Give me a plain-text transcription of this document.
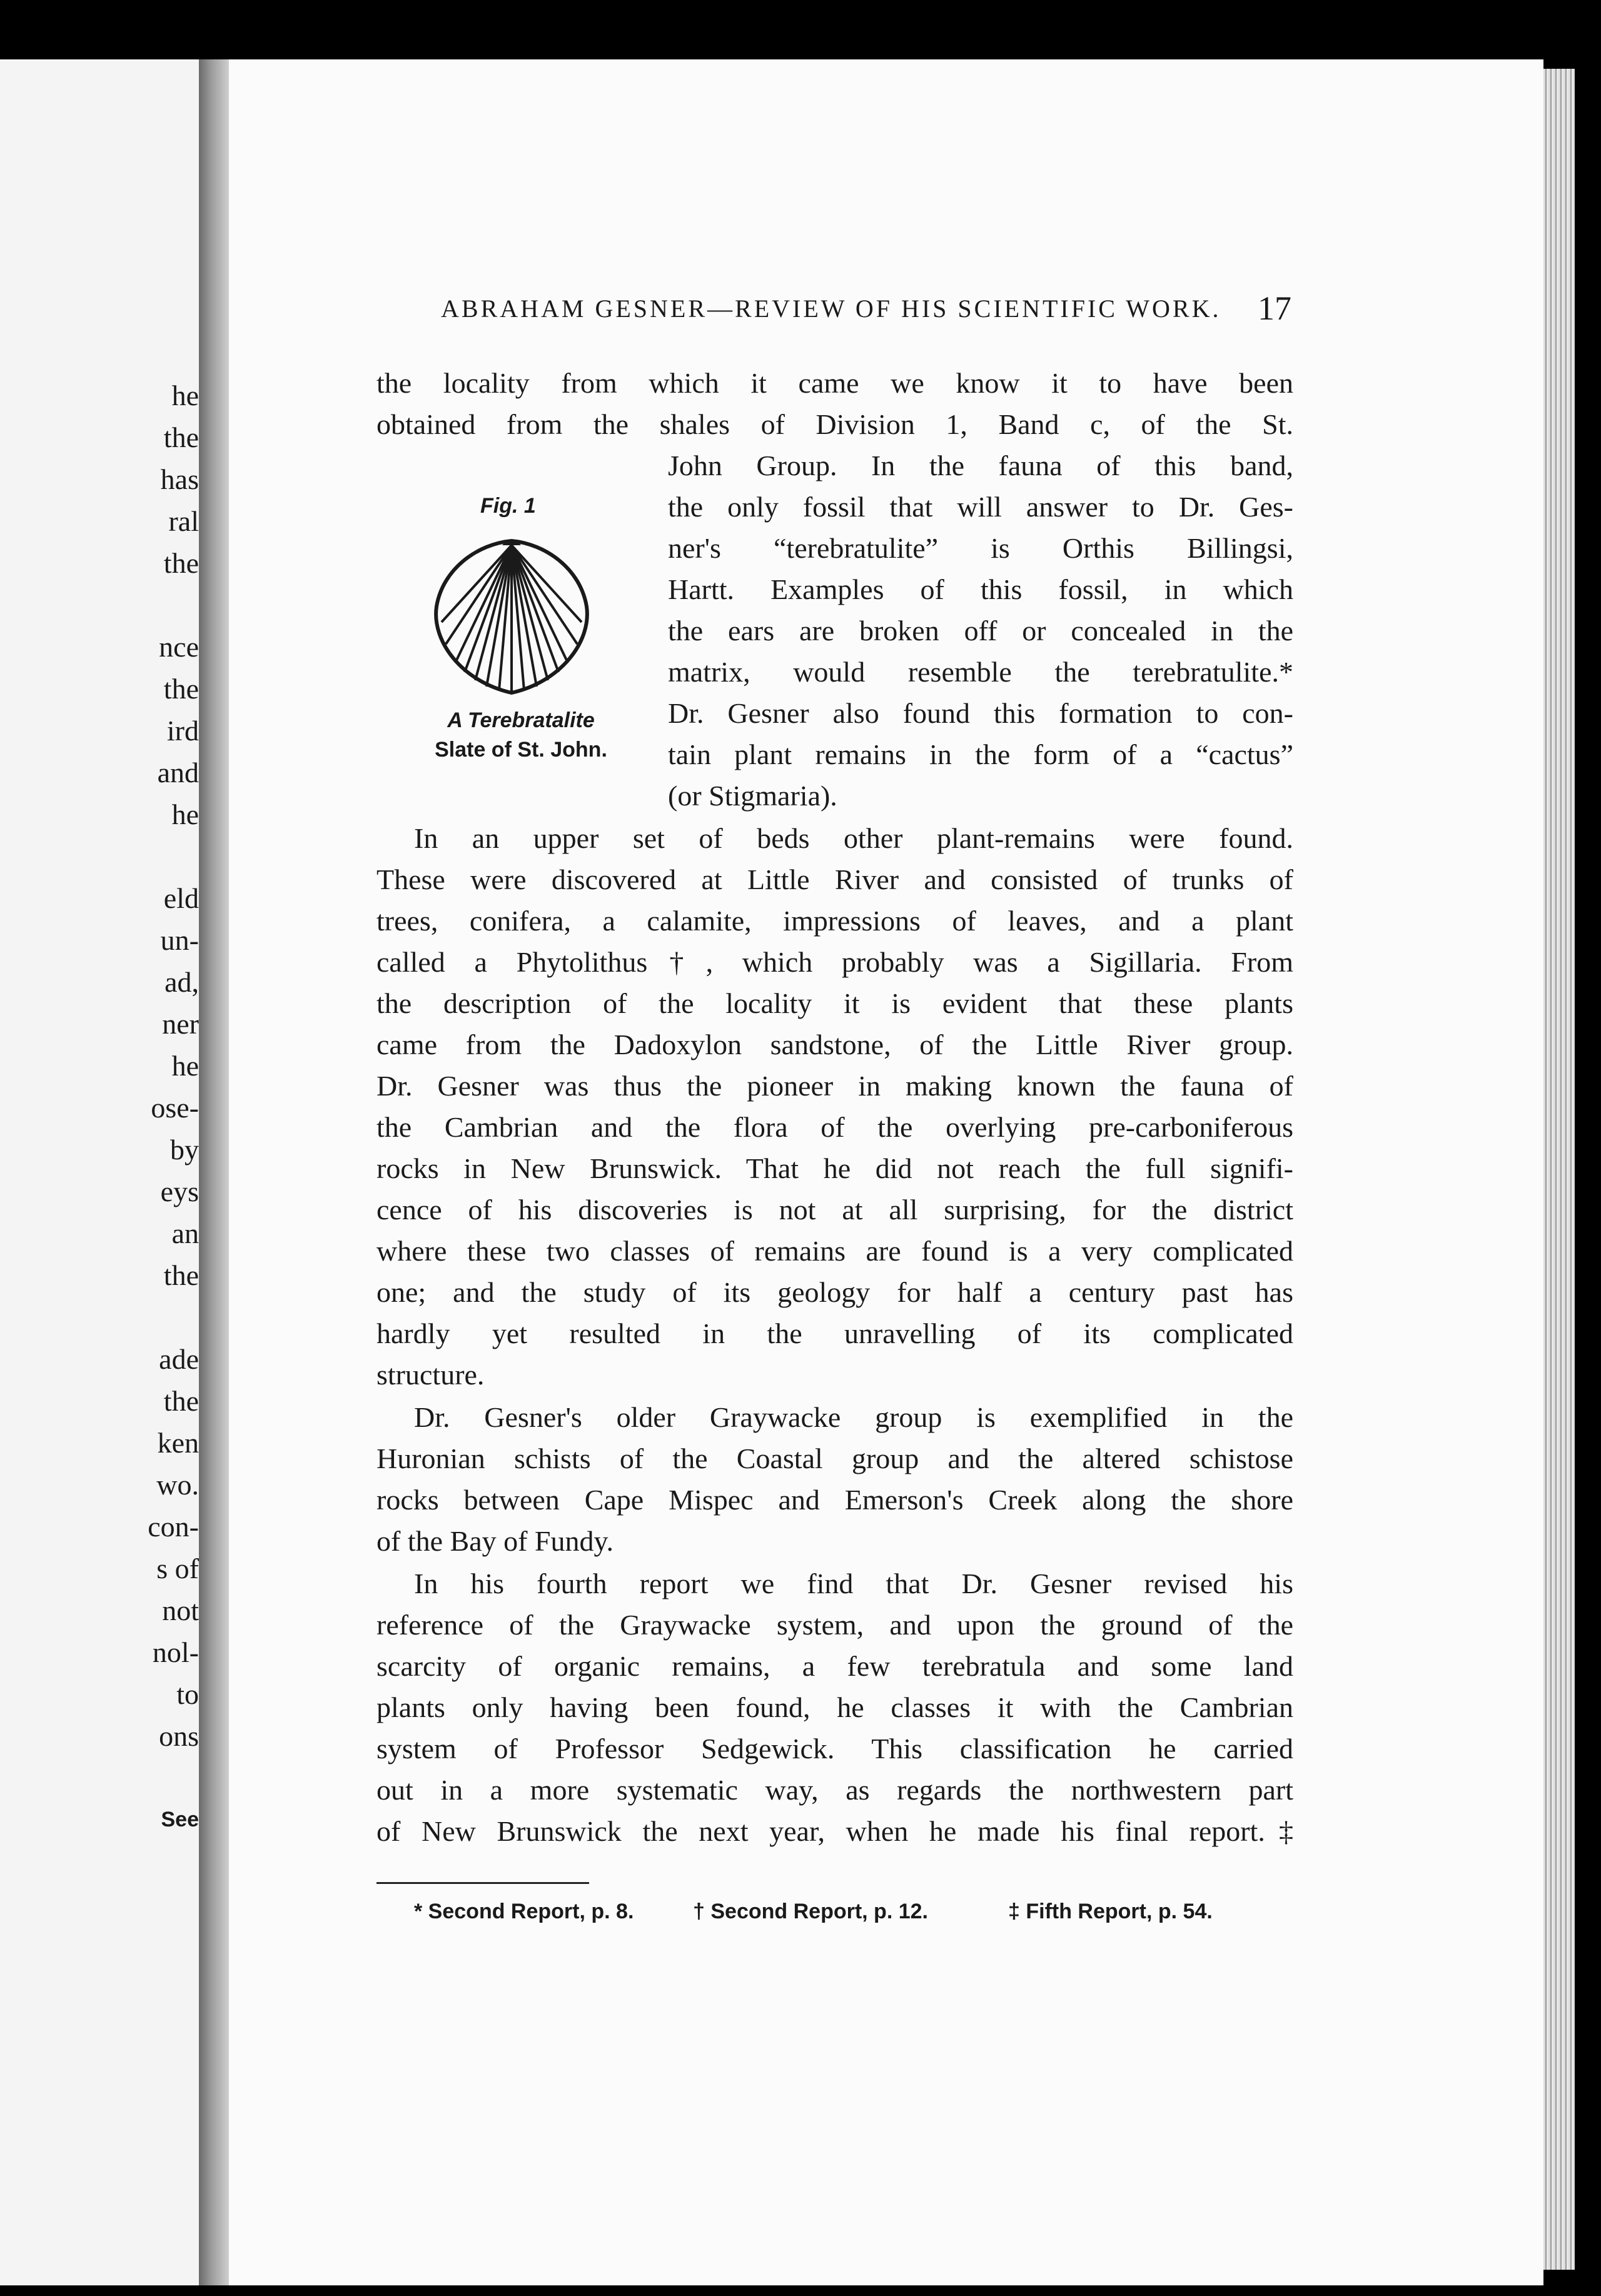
he
the
has
ral
the
nce
the
ird
and
he
eld
un-
ad,
ner
he
ose-
by
eys
an
the
ade
the
ken
wo.
con-
s of
not
nol-
to
ons
See
ABRAHAM GESNER—REVIEW OF HIS SCIENTIFIC WORK. 17
Fig. 1
A Terebratalite
Slate of St. John.
the locality from which it came we know it to have been
obtained from the shales of Division 1, Band c, of the St.
John Group. In the fauna of this band,
the only fossil that will answer to Dr. Ges-
ner's “terebratulite” is Orthis Billingsi,
Hartt. Examples of this fossil, in which
the ears are broken off or concealed in the
matrix, would resemble the terebratulite.*
Dr. Gesner also found this formation to con-
tain plant remains in the form of a “cactus”
(or Stigmaria).
In an upper set of beds other plant-remains were found.
These were discovered at Little River and consisted of trunks of
trees, conifera, a calamite, impressions of leaves, and a plant
called a Phytolithus†, which probably was a Sigillaria. From
the description of the locality it is evident that these plants
came from the Dadoxylon sandstone, of the Little River group.
Dr. Gesner was thus the pioneer in making known the fauna of
the Cambrian and the flora of the overlying pre-carboniferous
rocks in New Brunswick. That he did not reach the full signifi-
cence of his discoveries is not at all surprising, for the district
where these two classes of remains are found is a very complicated
one; and the study of its geology for half a century past has
hardly yet resulted in the unravelling of its complicated
structure.
Dr. Gesner's older Graywacke group is exemplified in the
Huronian schists of the Coastal group and the altered schistose
rocks between Cape Mispec and Emerson's Creek along the shore
of the Bay of Fundy.
In his fourth report we find that Dr. Gesner revised his
reference of the Graywacke system, and upon the ground of the
scarcity of organic remains, a few terebratula and some land
plants only having been found, he classes it with the Cambrian
system of Professor Sedgewick. This classification he carried
out in a more systematic way, as regards the northwestern part
of New Brunswick the next year, when he made his final report.‡
* Second Report, p. 8.	† Second Report, p. 12.	‡ Fifth Report, p. 54.
